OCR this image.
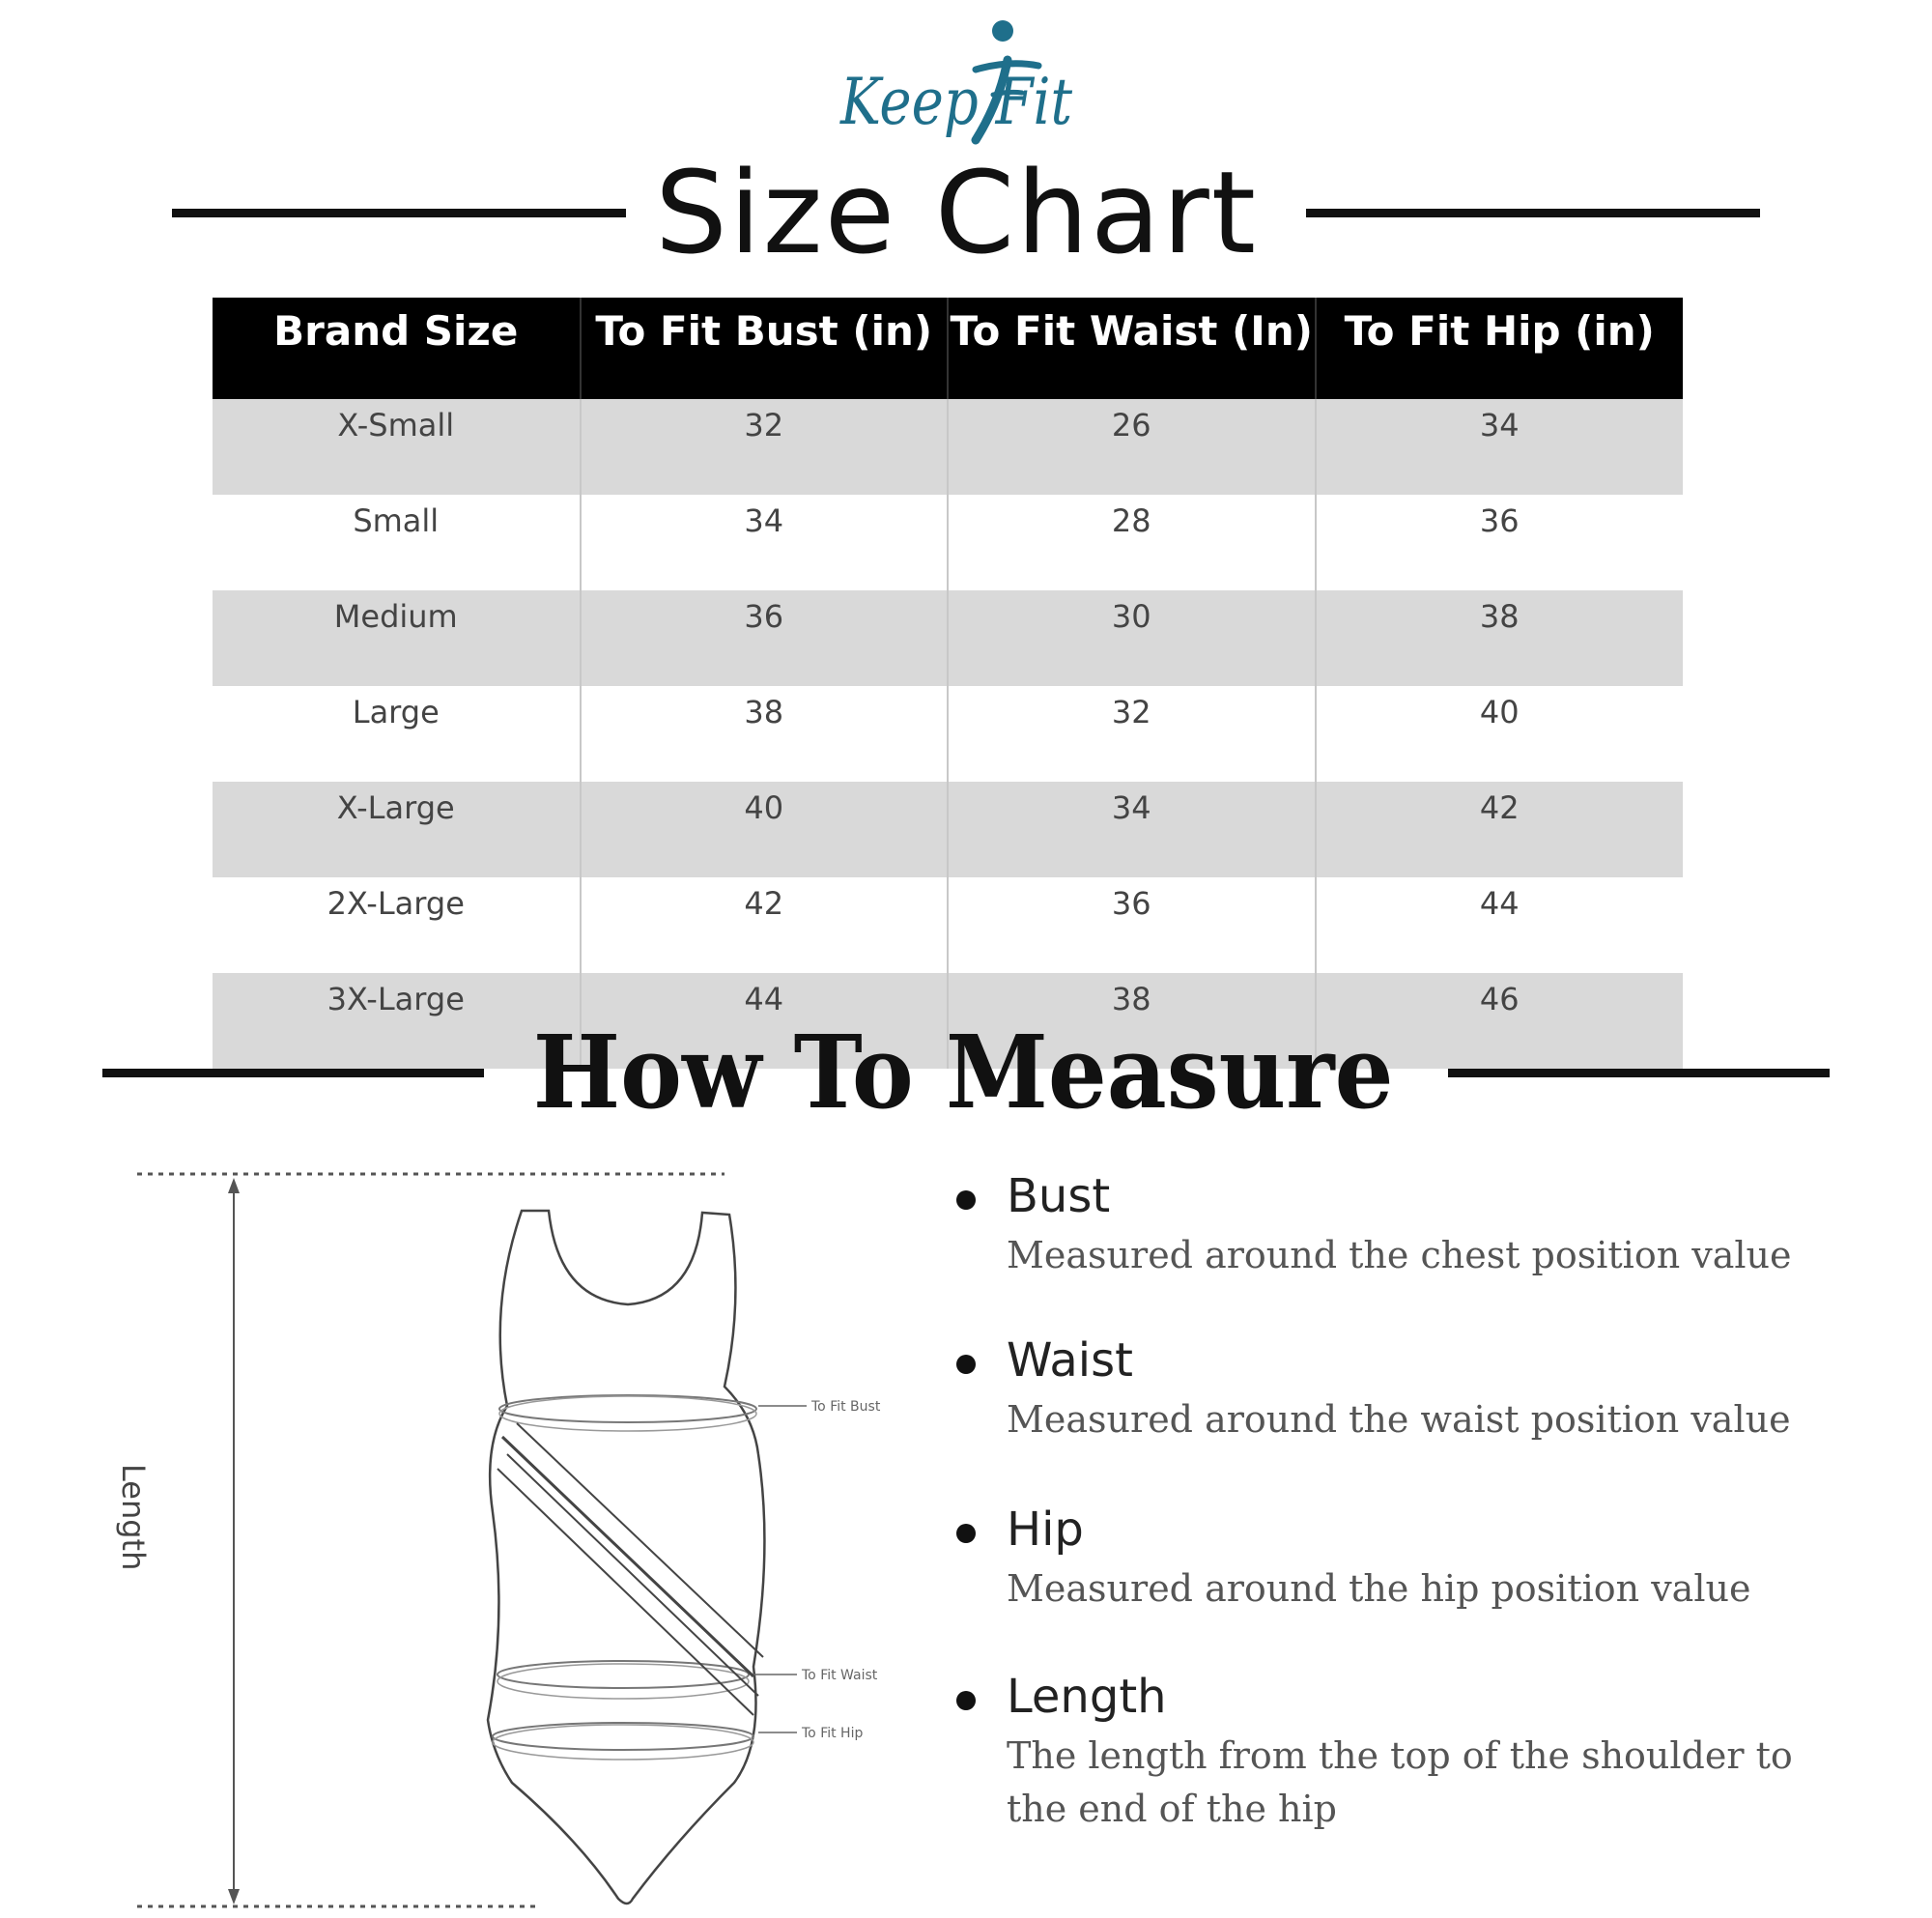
Keep Fit
Size Chart
Brand Size	To Fit Bust (in)	To Fit Waist (In)	To Fit Hip (in)
X-Small	32	26	34
Small	34	28	36
Medium	36	30	38
Large	38	32	40
X-Large	40	34	42
2X-Large	42	36	44
3X-Large	44	38	46
How To Measure
To Fit Bust
To Fit Waist
To Fit Hip
Length
Bust
Measured around the chest position value
Waist
Measured around the waist position value
Hip
Measured around the hip position value
Length
The length from the top of the shoulder to the end of the hip
